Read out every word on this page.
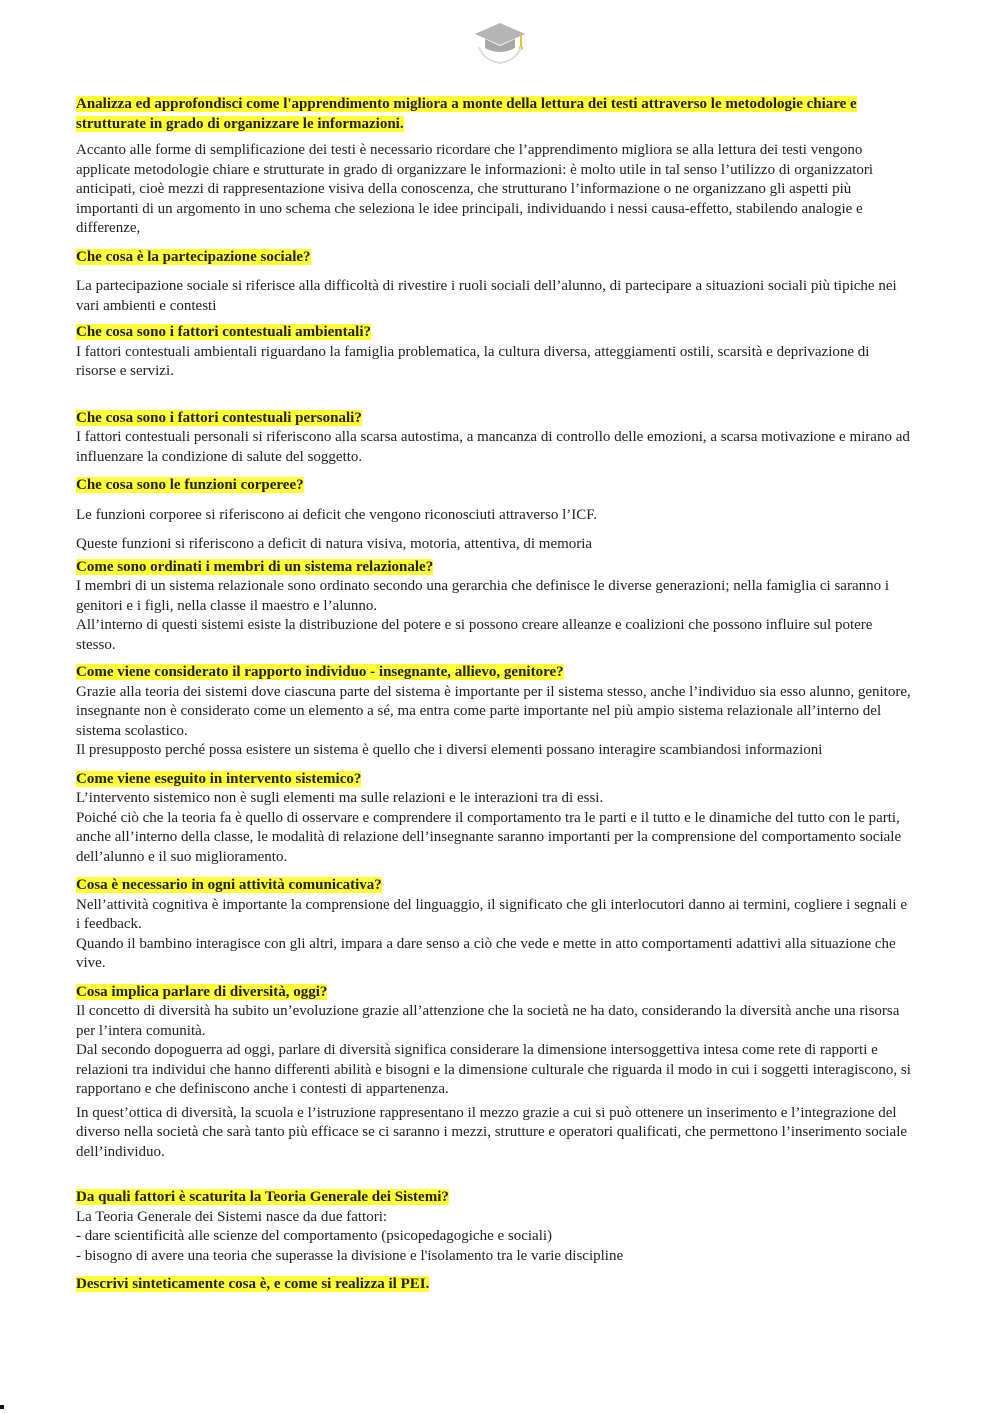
Analizza ed approfondisci come l'apprendimento migliora a monte della lettura dei testi attraverso le metodologie chiare e strutturate in grado di organizzare le informazioni.

Accanto alle forme di semplificazione dei testi è necessario ricordare che l’apprendimento migliora se alla lettura dei testi vengono applicate metodologie chiare e strutturate in grado di organizzare le informazioni: è molto utile in tal senso l’utilizzo di organizzatori anticipati, cioè mezzi di rappresentazione visiva della conoscenza, che strutturano l’informazione o ne organizzano gli aspetti più importanti di un argomento in uno schema che seleziona le idee principali, individuando i nessi causa-effetto, stabilendo analogie e differenze,

Che cosa è la partecipazione sociale?

La partecipazione sociale si riferisce alla difficoltà di rivestire i ruoli sociali dell’alunno, di partecipare a situazioni sociali più tipiche nei vari ambienti e contesti

Che cosa sono i fattori contestuali ambientali?

I fattori contestuali ambientali riguardano la famiglia problematica, la cultura diversa, atteggiamenti ostili, scarsità e deprivazione di risorse e servizi.

Che cosa sono i fattori contestuali personali?

I fattori contestuali personali si riferiscono alla scarsa autostima, a mancanza di controllo delle emozioni, a scarsa motivazione e mirano ad influenzare la condizione di salute del soggetto.

Che cosa sono le funzioni corperee?

Le funzioni corporee si riferiscono ai deficit che vengono riconosciuti attraverso l’ICF.

Queste funzioni si riferiscono a deficit di natura visiva, motoria, attentiva, di memoria

Come sono ordinati i membri di un sistema relazionale?

I membri di un sistema relazionale sono ordinato secondo una gerarchia che definisce le diverse generazioni; nella famiglia ci saranno i genitori e i figli, nella classe il maestro e l’alunno.

All’interno di questi sistemi esiste la distribuzione del potere e si possono creare alleanze e coalizioni che possono influire sul potere stesso.

Come viene considerato il rapporto individuo - insegnante, allievo, genitore?

Grazie alla teoria dei sistemi dove ciascuna parte del sistema è importante per il sistema stesso, anche l’individuo sia esso alunno, genitore, insegnante non è considerato come un elemento a sé, ma entra come parte importante nel più ampio sistema relazionale all’interno del sistema scolastico.

Il presupposto perché possa esistere un sistema è quello che i diversi elementi possano interagire scambiandosi informazioni

Come viene eseguito in intervento sistemico?

L’intervento sistemico non è sugli elementi ma sulle relazioni e le interazioni tra di essi.

Poiché ciò che la teoria fa è quello di osservare e comprendere il comportamento tra le parti e il tutto e le dinamiche del tutto con le parti, anche all’interno della classe, le modalità di relazione dell’insegnante saranno importanti per la comprensione del comportamento sociale dell’alunno e il suo miglioramento.

Cosa è necessario in ogni attività comunicativa?

Nell’attività cognitiva è importante la comprensione del linguaggio, il significato che gli interlocutori danno ai termini, cogliere i segnali e i feedback.

Quando il bambino interagisce con gli altri, impara a dare senso a ciò che vede e mette in atto comportamenti adattivi alla situazione che vive.

Cosa implica parlare di diversità, oggi?

Il concetto di diversità ha subito un’evoluzione grazie all’attenzione che la società ne ha dato, considerando la diversità anche una risorsa per l’intera comunità.

Dal secondo dopoguerra ad oggi, parlare di diversità significa considerare la dimensione intersoggettiva intesa come rete di rapporti e relazioni tra individui che hanno differenti abilità e bisogni e la dimensione culturale che riguarda il modo in cui i soggetti interagiscono, si rapportano e che definiscono anche i contesti di appartenenza.

In quest’ottica di diversità, la scuola e l’istruzione rappresentano il mezzo grazie a cui si può ottenere un inserimento e l’integrazione del diverso nella società che sarà tanto più efficace se ci saranno i mezzi, strutture e operatori qualificati, che permettono l’inserimento sociale dell’individuo.

Da quali fattori è scaturita la Teoria Generale dei Sistemi?

La Teoria Generale dei Sistemi nasce da due fattori:

- dare scientificità alle scienze del comportamento (psicopedagogiche e sociali)

- bisogno di avere una teoria che superasse la divisione e l'isolamento tra le varie discipline

Descrivi sinteticamente cosa è, e come si realizza il PEI.
